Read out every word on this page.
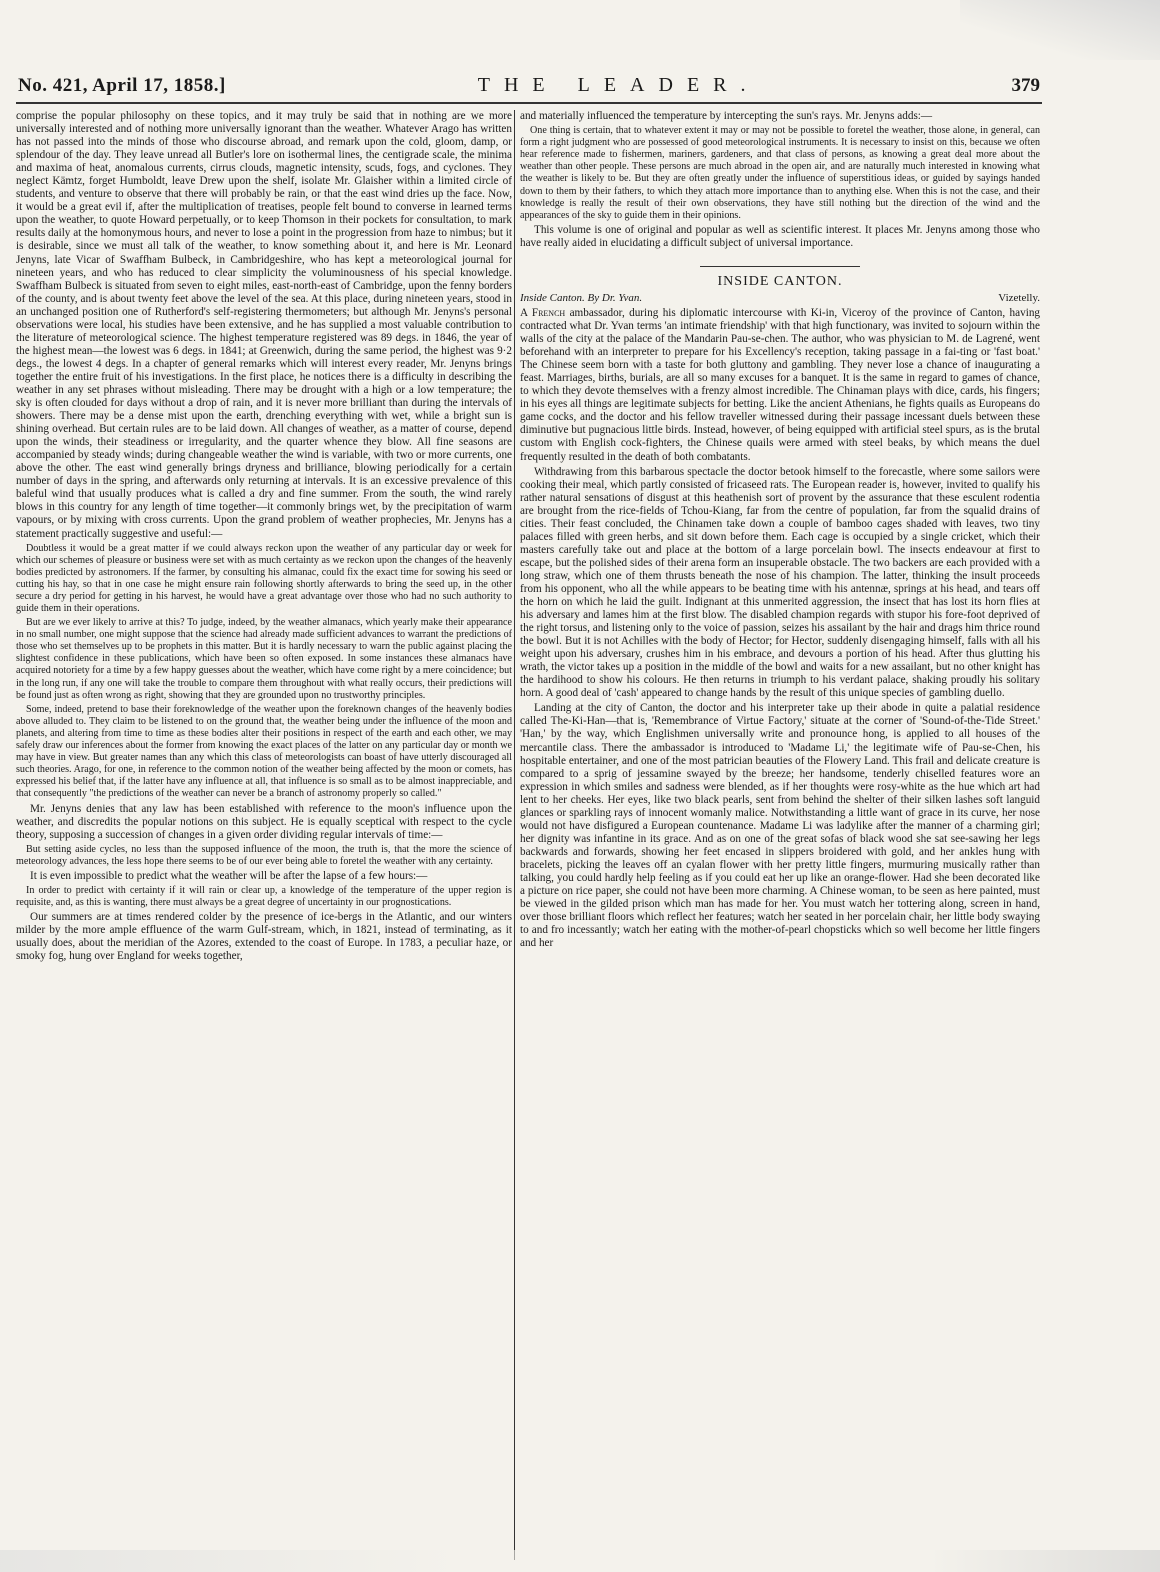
No. 421, April 17, 1858.]	THE LEADER.	379

comprise the popular philosophy on these topics, and it may truly be said that in nothing are we more universally interested and of nothing more universally ignorant than the weather. Whatever Arago has written has not passed into the minds of those who discourse abroad, and remark upon the cold, gloom, damp, or splendour of the day. They leave unread all Butler's lore on isothermal lines, the centigrade scale, the minima and maxima of heat, anomalous currents, cirrus clouds, magnetic intensity, scuds, fogs, and cyclones. They neglect Kämtz, forget Humboldt, leave Drew upon the shelf, isolate Mr. Glaisher within a limited circle of students, and venture to observe that there will probably be rain, or that the east wind dries up the face. Now, it would be a great evil if, after the multiplication of treatises, people felt bound to converse in learned terms upon the weather, to quote Howard perpetually, or to keep Thomson in their pockets for consultation, to mark results daily at the homonymous hours, and never to lose a point in the progression from haze to nimbus; but it is desirable, since we must all talk of the weather, to know something about it, and here is Mr. Leonard Jenyns, late Vicar of Swaffham Bulbeck, in Cambridgeshire, who has kept a meteorological journal for nineteen years, and who has reduced to clear simplicity the voluminousness of his special knowledge. Swaffham Bulbeck is situated from seven to eight miles, east-north-east of Cambridge, upon the fenny borders of the county, and is about twenty feet above the level of the sea. At this place, during nineteen years, stood in an unchanged position one of Rutherford's self-registering thermometers; but although Mr. Jenyns's personal observations were local, his studies have been extensive, and he has supplied a most valuable contribution to the literature of meteorological science. The highest temperature registered was 89 degs. in 1846, the year of the highest mean—the lowest was 6 degs. in 1841; at Greenwich, during the same period, the highest was 9·2 degs., the lowest 4 degs. In a chapter of general remarks which will interest every reader, Mr. Jenyns brings together the entire fruit of his investigations. In the first place, he notices there is a difficulty in describing the weather in any set phrases without misleading. There may be drought with a high or a low temperature; the sky is often clouded for days without a drop of rain, and it is never more brilliant than during the intervals of showers. There may be a dense mist upon the earth, drenching everything with wet, while a bright sun is shining overhead. But certain rules are to be laid down. All changes of weather, as a matter of course, depend upon the winds, their steadiness or irregularity, and the quarter whence they blow. All fine seasons are accompanied by steady winds; during changeable weather the wind is variable, with two or more currents, one above the other. The east wind generally brings dryness and brilliance, blowing periodically for a certain number of days in the spring, and afterwards only returning at intervals. It is an excessive prevalence of this baleful wind that usually produces what is called a dry and fine summer. From the south, the wind rarely blows in this country for any length of time together—it commonly brings wet, by the precipitation of warm vapours, or by mixing with cross currents. Upon the grand problem of weather prophecies, Mr. Jenyns has a statement practically suggestive and useful:—

Doubtless it would be a great matter if we could always reckon upon the weather of any particular day or week for which our schemes of pleasure or business were set with as much certainty as we reckon upon the changes of the heavenly bodies predicted by astronomers. If the farmer, by consulting his almanac, could fix the exact time for sowing his seed or cutting his hay, so that in one case he might ensure rain following shortly afterwards to bring the seed up, in the other secure a dry period for getting in his harvest, he would have a great advantage over those who had no such authority to guide them in their operations.

But are we ever likely to arrive at this? To judge, indeed, by the weather almanacs, which yearly make their appearance in no small number, one might suppose that the science had already made sufficient advances to warrant the predictions of those who set themselves up to be prophets in this matter. But it is hardly necessary to warn the public against placing the slightest confidence in these publications, which have been so often exposed. In some instances these almanacs have acquired notoriety for a time by a few happy guesses about the weather, which have come right by a mere coincidence; but in the long run, if any one will take the trouble to compare them throughout with what really occurs, their predictions will be found just as often wrong as right, showing that they are grounded upon no trustworthy principles.

Some, indeed, pretend to base their foreknowledge of the weather upon the foreknown changes of the heavenly bodies above alluded to. They claim to be listened to on the ground that, the weather being under the influence of the moon and planets, and altering from time to time as these bodies alter their positions in respect of the earth and each other, we may safely draw our inferences about the former from knowing the exact places of the latter on any particular day or month we may have in view. But greater names than any which this class of meteorologists can boast of have utterly discouraged all such theories. Arago, for one, in reference to the common notion of the weather being affected by the moon or comets, has expressed his belief that, if the latter have any influence at all, that influence is so small as to be almost inappreciable, and that consequently "the predictions of the weather can never be a branch of astronomy properly so called."

Mr. Jenyns denies that any law has been established with reference to the moon's influence upon the weather, and discredits the popular notions on this subject. He is equally sceptical with respect to the cycle theory, supposing a succession of changes in a given order dividing regular intervals of time:—

But setting aside cycles, no less than the supposed influence of the moon, the truth is, that the more the science of meteorology advances, the less hope there seems to be of our ever being able to foretel the weather with any certainty.

It is even impossible to predict what the weather will be after the lapse of a few hours:—

In order to predict with certainty if it will rain or clear up, a knowledge of the temperature of the upper region is requisite, and, as this is wanting, there must always be a great degree of uncertainty in our prognostications.

Our summers are at times rendered colder by the presence of ice-bergs in the Atlantic, and our winters milder by the more ample effluence of the warm Gulf-stream, which, in 1821, instead of terminating, as it usually does, about the meridian of the Azores, extended to the coast of Europe. In 1783, a peculiar haze, or smoky fog, hung over England for weeks together,

and materially influenced the temperature by intercepting the sun's rays. Mr. Jenyns adds:—

One thing is certain, that to whatever extent it may or may not be possible to foretel the weather, those alone, in general, can form a right judgment who are possessed of good meteorological instruments. It is necessary to insist on this, because we often hear reference made to fishermen, mariners, gardeners, and that class of persons, as knowing a great deal more about the weather than other people. These persons are much abroad in the open air, and are naturally much interested in knowing what the weather is likely to be. But they are often greatly under the influence of superstitious ideas, or guided by sayings handed down to them by their fathers, to which they attach more importance than to anything else. When this is not the case, and their knowledge is really the result of their own observations, they have still nothing but the direction of the wind and the appearances of the sky to guide them in their opinions.

This volume is one of original and popular as well as scientific interest. It places Mr. Jenyns among those who have really aided in elucidating a difficult subject of universal importance.

INSIDE CANTON.
Inside Canton. By Dr. Yvan.	Vizetelly.

A French ambassador, during his diplomatic intercourse with Ki-in, Viceroy of the province of Canton, having contracted what Dr. Yvan terms 'an intimate friendship' with that high functionary, was invited to sojourn within the walls of the city at the palace of the Mandarin Pau-se-chen. The author, who was physician to M. de Lagrené, went beforehand with an interpreter to prepare for his Excellency's reception, taking passage in a fai-ting or 'fast boat.' The Chinese seem born with a taste for both gluttony and gambling. They never lose a chance of inaugurating a feast. Marriages, births, burials, are all so many excuses for a banquet. It is the same in regard to games of chance, to which they devote themselves with a frenzy almost incredible. The Chinaman plays with dice, cards, his fingers; in his eyes all things are legitimate subjects for betting. Like the ancient Athenians, he fights quails as Europeans do game cocks, and the doctor and his fellow traveller witnessed during their passage incessant duels between these diminutive but pugnacious little birds. Instead, however, of being equipped with artificial steel spurs, as is the brutal custom with English cock-fighters, the Chinese quails were armed with steel beaks, by which means the duel frequently resulted in the death of both combatants.

Withdrawing from this barbarous spectacle the doctor betook himself to the forecastle, where some sailors were cooking their meal, which partly consisted of fricaseed rats. The European reader is, however, invited to qualify his rather natural sensations of disgust at this heathenish sort of provent by the assurance that these esculent rodentia are brought from the rice-fields of Tchou-Kiang, far from the centre of population, far from the squalid drains of cities. Their feast concluded, the Chinamen take down a couple of bamboo cages shaded with leaves, two tiny palaces filled with green herbs, and sit down before them. Each cage is occupied by a single cricket, which their masters carefully take out and place at the bottom of a large porcelain bowl. The insects endeavour at first to escape, but the polished sides of their arena form an insuperable obstacle. The two backers are each provided with a long straw, which one of them thrusts beneath the nose of his champion. The latter, thinking the insult proceeds from his opponent, who all the while appears to be beating time with his antennæ, springs at his head, and tears off the horn on which he laid the guilt. Indignant at this unmerited aggression, the insect that has lost its horn flies at his adversary and lames him at the first blow. The disabled champion regards with stupor his fore-foot deprived of the right torsus, and listening only to the voice of passion, seizes his assailant by the hair and drags him thrice round the bowl. But it is not Achilles with the body of Hector; for Hector, suddenly disengaging himself, falls with all his weight upon his adversary, crushes him in his embrace, and devours a portion of his head. After thus glutting his wrath, the victor takes up a position in the middle of the bowl and waits for a new assailant, but no other knight has the hardihood to show his colours. He then returns in triumph to his verdant palace, shaking proudly his solitary horn. A good deal of 'cash' appeared to change hands by the result of this unique species of gambling duello.

Landing at the city of Canton, the doctor and his interpreter take up their abode in quite a palatial residence called The-Ki-Han—that is, 'Remembrance of Virtue Factory,' situate at the corner of 'Sound-of-the-Tide Street.' 'Han,' by the way, which Englishmen universally write and pronounce hong, is applied to all houses of the mercantile class. There the ambassador is introduced to 'Madame Li,' the legitimate wife of Pau-se-Chen, his hospitable entertainer, and one of the most patrician beauties of the Flowery Land. This frail and delicate creature is compared to a sprig of jessamine swayed by the breeze; her handsome, tenderly chiselled features wore an expression in which smiles and sadness were blended, as if her thoughts were rosy-white as the hue which art had lent to her cheeks. Her eyes, like two black pearls, sent from behind the shelter of their silken lashes soft languid glances or sparkling rays of innocent womanly malice. Notwithstanding a little want of grace in its curve, her nose would not have disfigured a European countenance. Madame Li was ladylike after the manner of a charming girl; her dignity was infantine in its grace. And as on one of the great sofas of black wood she sat see-sawing her legs backwards and forwards, showing her feet encased in slippers broidered with gold, and her ankles hung with bracelets, picking the leaves off an cyalan flower with her pretty little fingers, murmuring musically rather than talking, you could hardly help feeling as if you could eat her up like an orange-flower. Had she been decorated like a picture on rice paper, she could not have been more charming. A Chinese woman, to be seen as here painted, must be viewed in the gilded prison which man has made for her. You must watch her tottering along, screen in hand, over those brilliant floors which reflect her features; watch her seated in her porcelain chair, her little body swaying to and fro incessantly; watch her eating with the mother-of-pearl chopsticks which so well become her little fingers and her
